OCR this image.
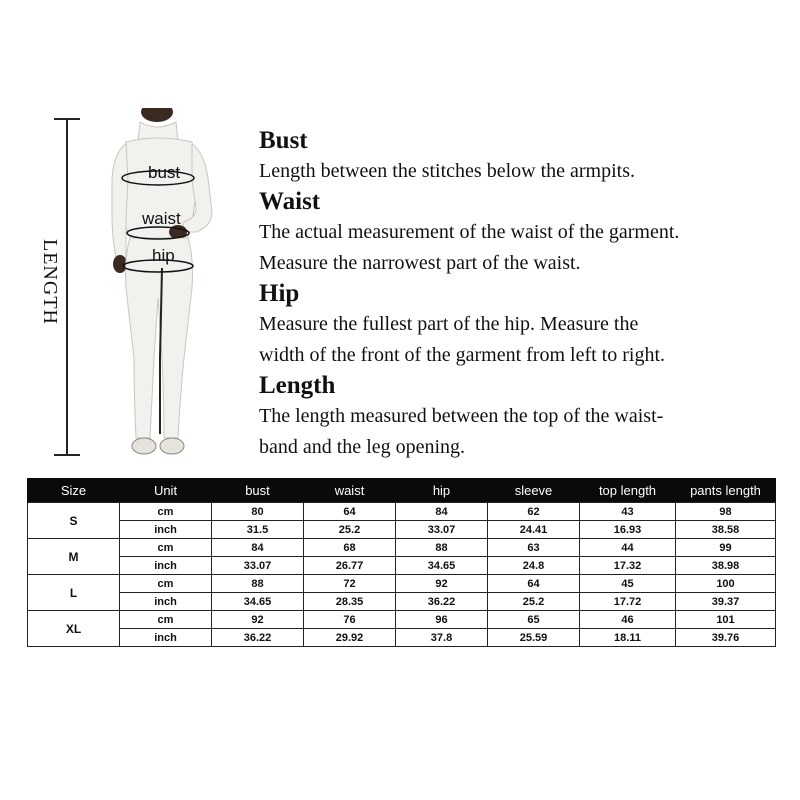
LENGTH
bust
waist
hip

Bust

Length between the stitches below the armpits.

Waist

The actual measurement of the waist of the garment.

Measure the narrowest part of the waist.

Hip

Measure the fullest part of the hip. Measure the

width of the front of the garment from left to right.

Length

The length measured between the top of the waist-

band and the leg opening.

Size	Unit	bust	waist	hip	sleeve	top length	pants length
S	cm	80	64	84	62	43	98
	inch	31.5	25.2	33.07	24.41	16.93	38.58
M	cm	84	68	88	63	44	99
	inch	33.07	26.77	34.65	24.8	17.32	38.98
L	cm	88	72	92	64	45	100
	inch	34.65	28.35	36.22	25.2	17.72	39.37
XL	cm	92	76	96	65	46	101
	inch	36.22	29.92	37.8	25.59	18.11	39.76
